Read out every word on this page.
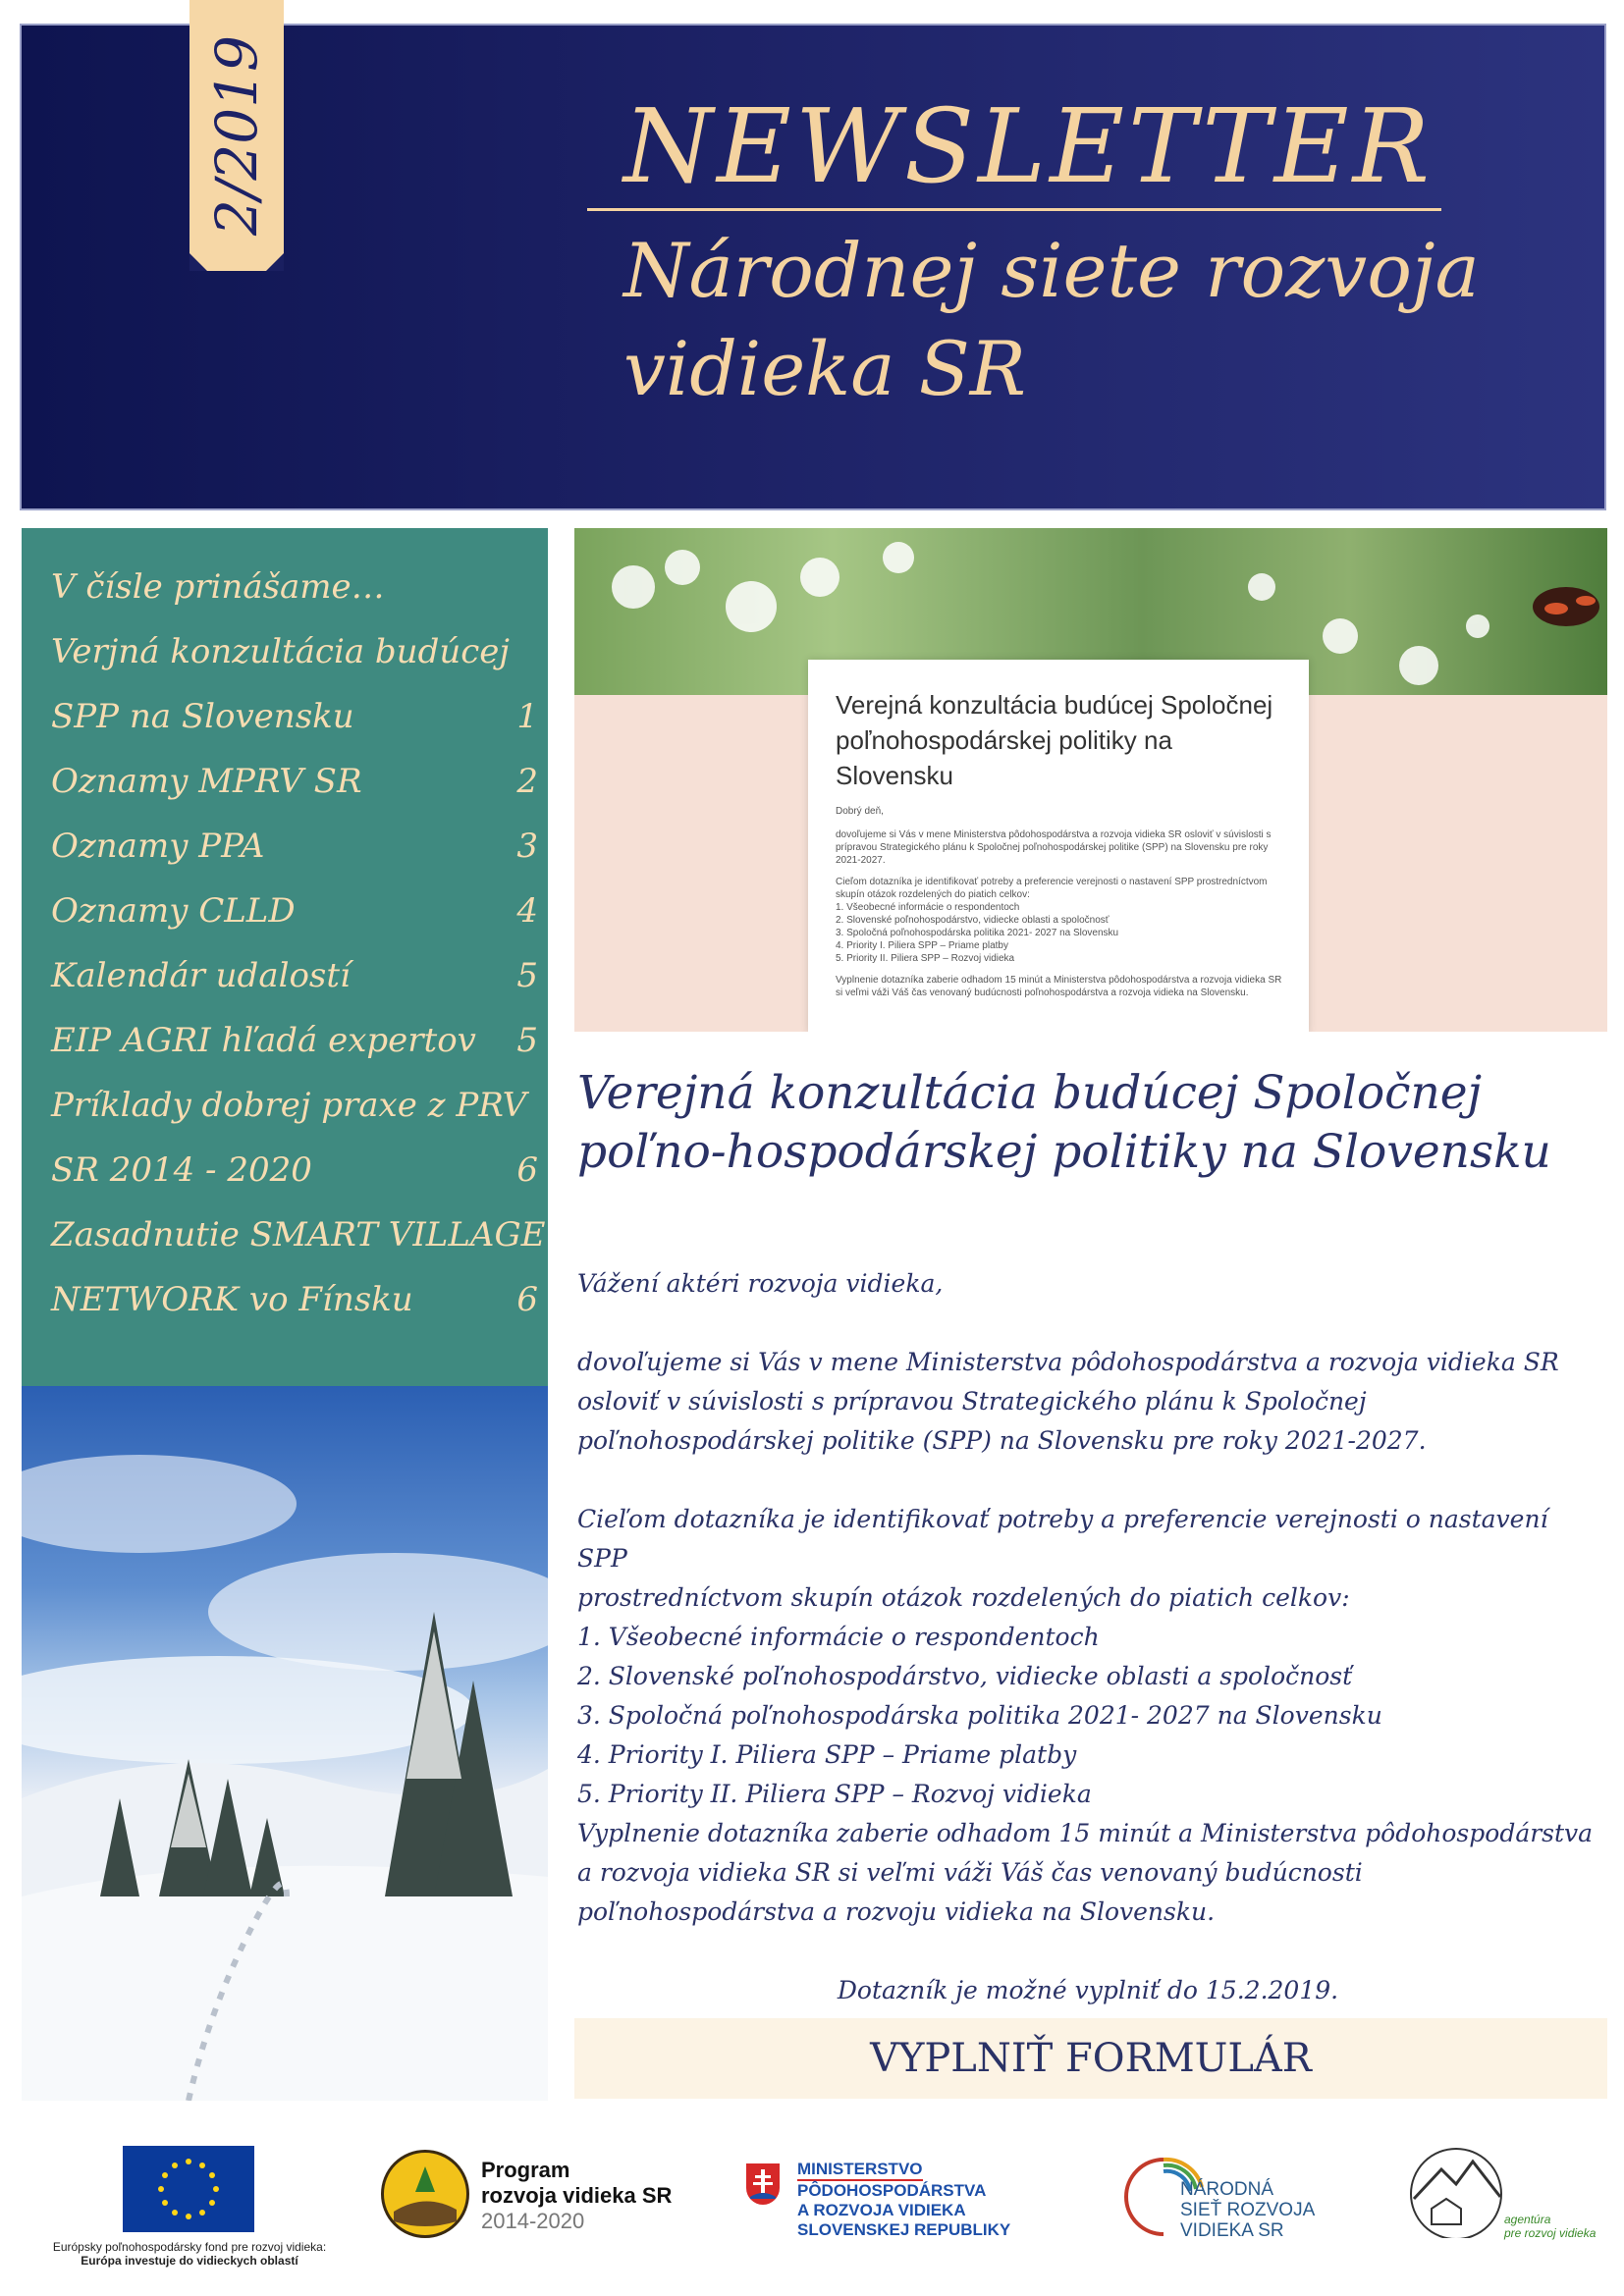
2/2019	NEWSLETTER
Národnej siete rozvoja
vidieka SR
V čísle prinášame…
Verjná konzultácia budúcej
SPP na Slovensku	1
Oznamy MPRV SR	2
Oznamy PPA	3
Oznamy CLLD	4
Kalendár udalostí	5
EIP AGRI hľadá expertov 5
Príklady dobrej praxe z PRV
SR 2014 - 2020	6
Zasadnutie SMART VILLAGE
NETWORK vo Fínsku	6
Verejná konzultácia budúcej Spoločnej poľnohospodárskej politiky na Slovensku
Dobrý deň,
dovoľujeme si Vás v mene Ministerstva pôdohospodárstva a rozvoja vidieka SR osloviť v súvislosti s prípravou Strategického plánu k Spoločnej poľnohospodárskej politike (SPP) na Slovensku pre roky 2021-2027.
Cieľom dotazníka je identifikovať potreby a preferencie verejnosti o nastavení SPP prostredníctvom skupín otázok rozdelených do piatich celkov:
1. Všeobecné informácie o respondentoch
2. Slovenské poľnohospodárstvo, vidiecke oblasti a spoločnosť
3. Spoločná poľnohospodárska politika 2021- 2027 na Slovensku
4. Priority I. Piliera SPP – Priame platby
5. Priority II. Piliera SPP – Rozvoj vidieka
Vyplnenie dotazníka zaberie odhadom 15 minút a Ministerstva pôdohospodárstva a rozvoja vidieka SR si veľmi váži Váš čas venovaný budúcnosti poľnohospodárstva a rozvoja vidieka na Slovensku.
Verejná konzultácia budúcej Spoločnej poľno-hospodárskej politiky na Slovensku
Vážení aktéri rozvoja vidieka,
dovoľujeme si Vás v mene Ministerstva pôdohospodárstva a rozvoja vidieka SR osloviť v súvislosti s prípravou Strategického plánu k Spoločnej poľnohospodárskej politike (SPP) na Slovensku pre roky 2021-2027.
Cieľom dotazníka je identifikovať potreby a preferencie verejnosti o nastavení SPP
prostredníctvom skupín otázok rozdelených do piatich celkov:
1. Všeobecné informácie o respondentoch
2. Slovenské poľnohospodárstvo, vidiecke oblasti a spoločnosť
3. Spoločná poľnohospodárska politika 2021- 2027 na Slovensku
4. Priority I. Piliera SPP – Priame platby
5. Priority II. Piliera SPP – Rozvoj vidieka
Vyplnenie dotazníka zaberie odhadom 15 minút a Ministerstva pôdohospodárstva a rozvoja vidieka SR si veľmi váži Váš čas venovaný budúcnosti poľnohospodárstva a rozvoju vidieka na Slovensku.
Dotazník je možné vyplniť do 15.2.2019.
VYPLNIŤ FORMULÁR
Európsky poľnohospodársky fond pre rozvoj vidieka:
Európa investuje do vidieckych oblastí
Program
rozvoja vidieka SR
2014-2020
MINISTERSTVO
PÔDOHOSPODÁRSTVA
A ROZVOJA VIDIEKA
SLOVENSKEJ REPUBLIKY
NÁRODNÁ
SIEŤ ROZVOJA
VIDIEKA SR
agentúra
pre rozvoj vidieka
